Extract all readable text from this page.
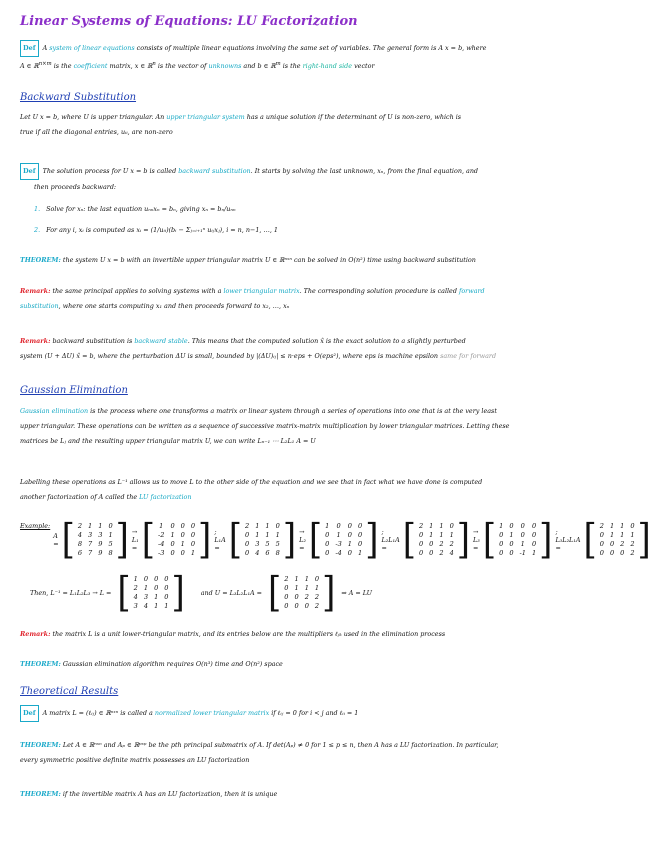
Linear Systems of Equations: LU Factorization
Def A system of linear equations consists of multiple linear equations involving the same set of variables. The general form is A x = b, where
A ∈ ℝ$^{n\times m}$ is the coefficient matrix, x ∈ ℝ$^n$ is the vector of unknowns and b ∈ ℝ$^m$ is the right-hand side vector
Backward Substitution
Let U x = b, where U is upper triangular. An upper triangular system has a unique solution if the determinant of U is non-zero, which is
true if all the diagonal entries, uᵢᵢ, are non-zero
Def The solution process for U x = b is called backward substitution. It starts by solving the last unknown, xₙ, from the final equation, and
then proceeds backward:
1. Solve for xₙ: the last equation uₙₙxₙ = bₙ, giving xₙ = bₙ/uₙₙ
2. For any i, xᵢ is computed as xᵢ = (1/uᵢᵢ)(bᵢ − Σⱼ₌ᵢ₊₁ⁿ uᵢⱼxⱼ), i = n, n−1, …, 1
THEOREM: the system U x = b with an invertible upper triangular matrix U ∈ ℝⁿˣⁿ can be solved in O(n²) time using backward substitution
Remark: the same principal applies to solving systems with a lower triangular matrix. The corresponding solution procedure is called forward
substitution, where one starts computing x₁ and then proceeds forward to x₂, …, xₙ
Remark: backward substitution is backward stable. This means that the computed solution x̂ is the exact solution to a slightly perturbed
system (U + ΔU) x̂ = b, where the perturbation ΔU is small, bounded by |(ΔU)ᵢⱼ| ≤ n·eps + O(eps²), where eps is machine epsilon same for forward
Gaussian Elimination
Gaussian elimination is the process where one transforms a matrix or linear system through a series of operations into one that is at the very least
upper triangular. These operations can be written as a sequence of successive matrix-matrix multiplication by lower triangular matrices. Letting these
matrices be Lⱼ and the resulting upper triangular matrix U, we can write Lₙ₋₁ ⋯ L₂L₁ A = U
Labelling these operations as L⁻¹ allows us to move L to the other side of the equation and we see that in fact what we have done is computed
another factorization of A called the LU factorization
Example:
A = [ 2	1	1	0
4	3	3	1
8	7	9	5
6	7	9	8 ] → L₁ = [ 1	0	0	0
-2	1	0	0
-4	0	1	0
-3	0	0	1 ] ; L₁A = [ 2	1	1	0
0	1	1	1
0	3	5	5
0	4	6	8 ] → L₂ = [ 1	0	0	0
0	1	0	0
0	-3	1	0
0	-4	0	1 ] ; L₂L₁A = [ 2	1	1	0
0	1	1	1
0	0	2	2
0	0	2	4 ] → L₃ = [ 1	0	0	0
0	1	0	0
0	0	1	0
0	0	-1	1 ] ; L₃L₂L₁A = [ 2	1	1	0
0	1	1	1
0	0	2	2
0	0	0	2 ]
Then, L⁻¹ = L₁L₂L₃ → L = [ 1	0	0	0
2	1	0	0
4	3	1	0
3	4	1	1 ]	and U = L₃L₂L₁A = [ 2	1	1	0
0	1	1	1
0	0	2	2
0	0	0	2 ] ⇒ A = LU
Remark: the matrix L is a unit lower-triangular matrix, and its entries below are the multipliers ℓⱼₖ used in the elimination process
THEOREM: Gaussian elimination algorithm requires O(n³) time and O(n²) space
Theoretical Results
Def A matrix L = (ℓᵢⱼ) ∈ ℝⁿˣⁿ is called a normalized lower triangular matrix if ℓᵢⱼ = 0 for i < j and ℓᵢᵢ = 1
THEOREM: Let A ∈ ℝⁿˣⁿ and Aₚ ∈ ℝᵖˣᵖ be the pth principal submatrix of A. If det(Aₚ) ≠ 0 for 1 ≤ p ≤ n, then A has a LU factorization. In particular,
every symmetric positive definite matrix possesses an LU factorization
THEOREM: if the invertible matrix A has an LU factorization, then it is unique
